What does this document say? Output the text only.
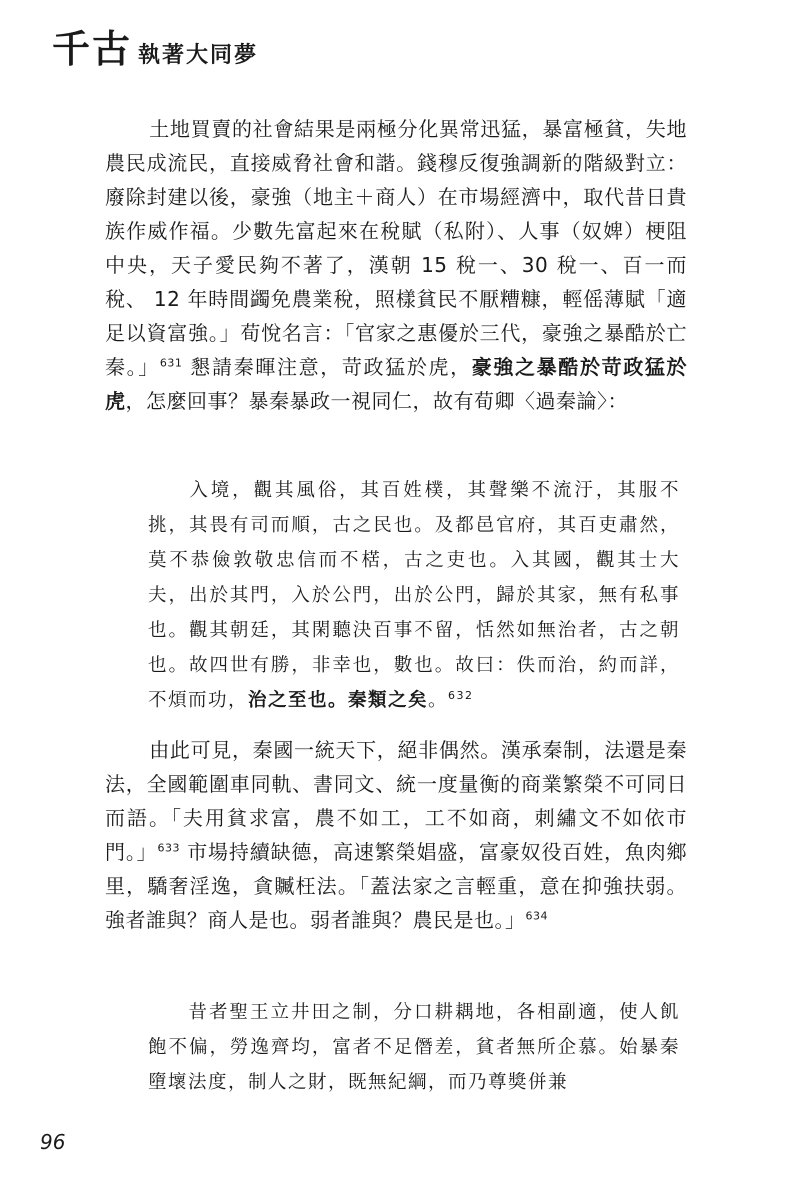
千古 執著大同夢

土地買賣的社會結果是兩極分化異常迅猛，暴富極貧，失地農民成流民，直接威脅社會和諧。錢穆反復強調新的階級對立：廢除封建以後，豪強（地主＋商人）在市場經濟中，取代昔日貴族作威作福。少數先富起來在稅賦（私附）、人事（奴婢）梗阻中央，天子愛民夠不著了，漢朝 15 稅一、30 稅一、百一而稅、 12 年時間蠲免農業稅，照樣貧民不厭糟糠，輕傜薄賦「適足以資富強。」荀悅名言：「官家之惠優於三代，豪強之暴酷於亡秦。」$^{631}$ 懇請秦暉注意，苛政猛於虎，豪強之暴酷於苛政猛於虎，怎麼回事？暴秦暴政一視同仁，故有荀卿〈過秦論〉：

入境，觀其風俗，其百姓樸，其聲樂不流汙，其服不挑，其畏有司而順，古之民也。及都邑官府，其百吏肅然，莫不恭儉敦敬忠信而不楛，古之吏也。入其國，觀其士大夫，出於其門，入於公門，出於公門，歸於其家，無有私事也。觀其朝廷，其閑聽決百事不留，恬然如無治者，古之朝也。故四世有勝，非幸也，數也。故曰：佚而治，約而詳，不煩而功，治之至也。秦類之矣。$^{632}$

由此可見，秦國一統天下，絕非偶然。漢承秦制，法還是秦法，全國範圍車同軌、書同文、統一度量衡的商業繁榮不可同日而語。「夫用貧求富，農不如工，工不如商，刺繡文不如依市門。」$^{633}$ 市場持續缺德，高速繁榮娼盛，富豪奴役百姓，魚肉鄉里，驕奢淫逸，貪贓枉法。「蓋法家之言輕重，意在抑強扶弱。強者誰與？商人是也。弱者誰與？農民是也。」$^{634}$

昔者聖王立井田之制，分口耕耦地，各相副適，使人飢飽不偏，勞逸齊均，富者不足僭差，貧者無所企慕。始暴秦墮壞法度，制人之財，既無紀綱，而乃尊獎併兼

96
